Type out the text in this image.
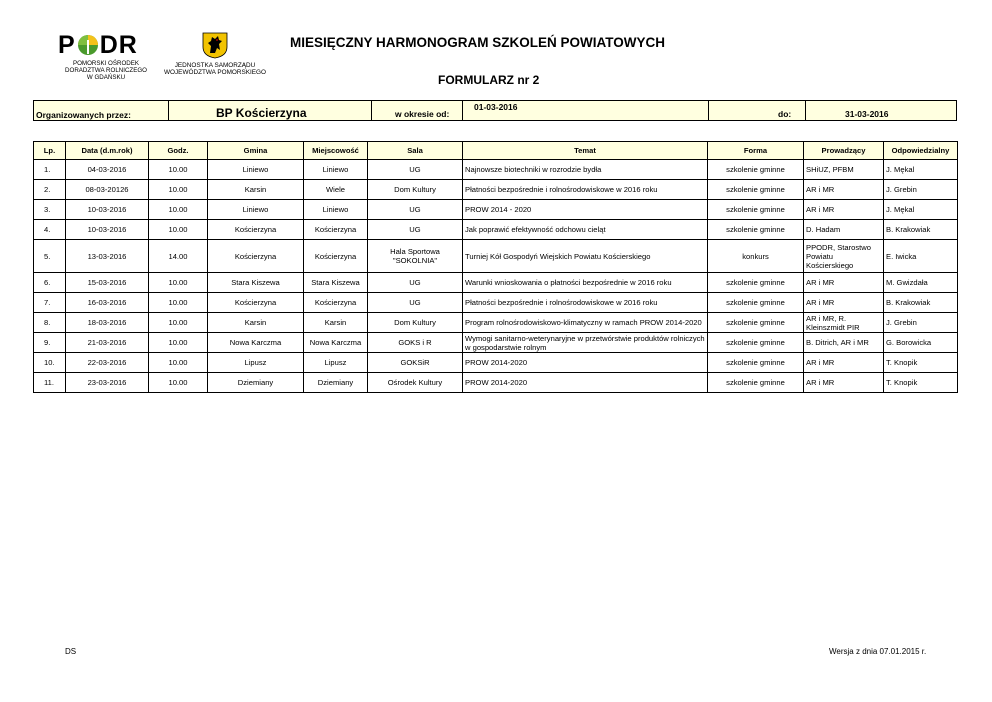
P DR
POMORSKI OŚRODEK
DORADZTWA ROLNICZEGO
W GDAŃSKU
JEDNOSTKA SAMORZĄDU
WOJEWÓDZTWA POMORSKIEGO
MIESIĘCZNY HARMONOGRAM SZKOLEŃ POWIATOWYCH
FORMULARZ nr 2
Organizowanych przez:	BP Kościerzyna	w okresie od:
01-03-2016
do:	31-03-2016
Lp.	Data (d.m.rok)	Godz.	Gmina	Miejscowość	Sala	Temat	Forma	Prowadzący	Odpowiedzialny
1.	04-03-2016	10.00	Liniewo	Liniewo	UG	Najnowsze biotechniki w rozrodzie bydła	szkolenie gminne	SHiUZ, PFBM	J. Mękal
2.	08-03-20126	10.00	Karsin	Wiele	Dom Kultury	Płatności bezpośrednie i rolnośrodowiskowe w 2016 roku	szkolenie gminne	AR i MR	J. Grebin
3.	10-03-2016	10.00	Liniewo	Liniewo	UG	PROW 2014 - 2020	szkolenie gminne	AR i MR	J. Mękal
4.	10-03-2016	10.00	Kościerzyna	Kościerzyna	UG	Jak poprawić efektywność odchowu cieląt	szkolenie gminne	D. Hadam	B. Krakowiak
5.	13-03-2016	14.00	Kościerzyna	Kościerzyna	Hala Sportowa "SOKOLNIA"	Turniej Kół Gospodyń Wiejskich Powiatu Kościerskiego	konkurs	PPODR, Starostwo Powiatu Kościerskiego	E. Iwicka
6.	15-03-2016	10.00	Stara Kiszewa	Stara Kiszewa	UG	Warunki wnioskowania o płatności bezpośrednie w 2016 roku	szkolenie gminne	AR i MR	M. Gwizdała
7.	16-03-2016	10.00	Kościerzyna	Kościerzyna	UG	Płatności bezpośrednie i rolnośrodowiskowe w 2016 roku	szkolenie gminne	AR i MR	B. Krakowiak
8.	18-03-2016	10.00	Karsin	Karsin	Dom Kultury	Program rolnośrodowiskowo-klimatyczny w ramach PROW 2014-2020	szkolenie gminne	AR i MR, R. Kleinszmidt PIR	J. Grebin
9.	21-03-2016	10.00	Nowa Karczma	Nowa Karczma	GOKS i R	Wymogi sanitarno-weterynaryjne w przetwórstwie produktów rolniczych w gospodarstwie rolnym	szkolenie gminne	B. Ditrich, AR i MR	G. Borowicka
10.	22-03-2016	10.00	Lipusz	Lipusz	GOKSiR	PROW 2014-2020	szkolenie gminne	AR i MR	T. Knopik
11.	23-03-2016	10.00	Dziemiany	Dziemiany	Ośrodek Kultury	PROW 2014-2020	szkolenie gminne	AR i MR	T. Knopik
DS	Wersja z dnia 07.01.2015 r.
